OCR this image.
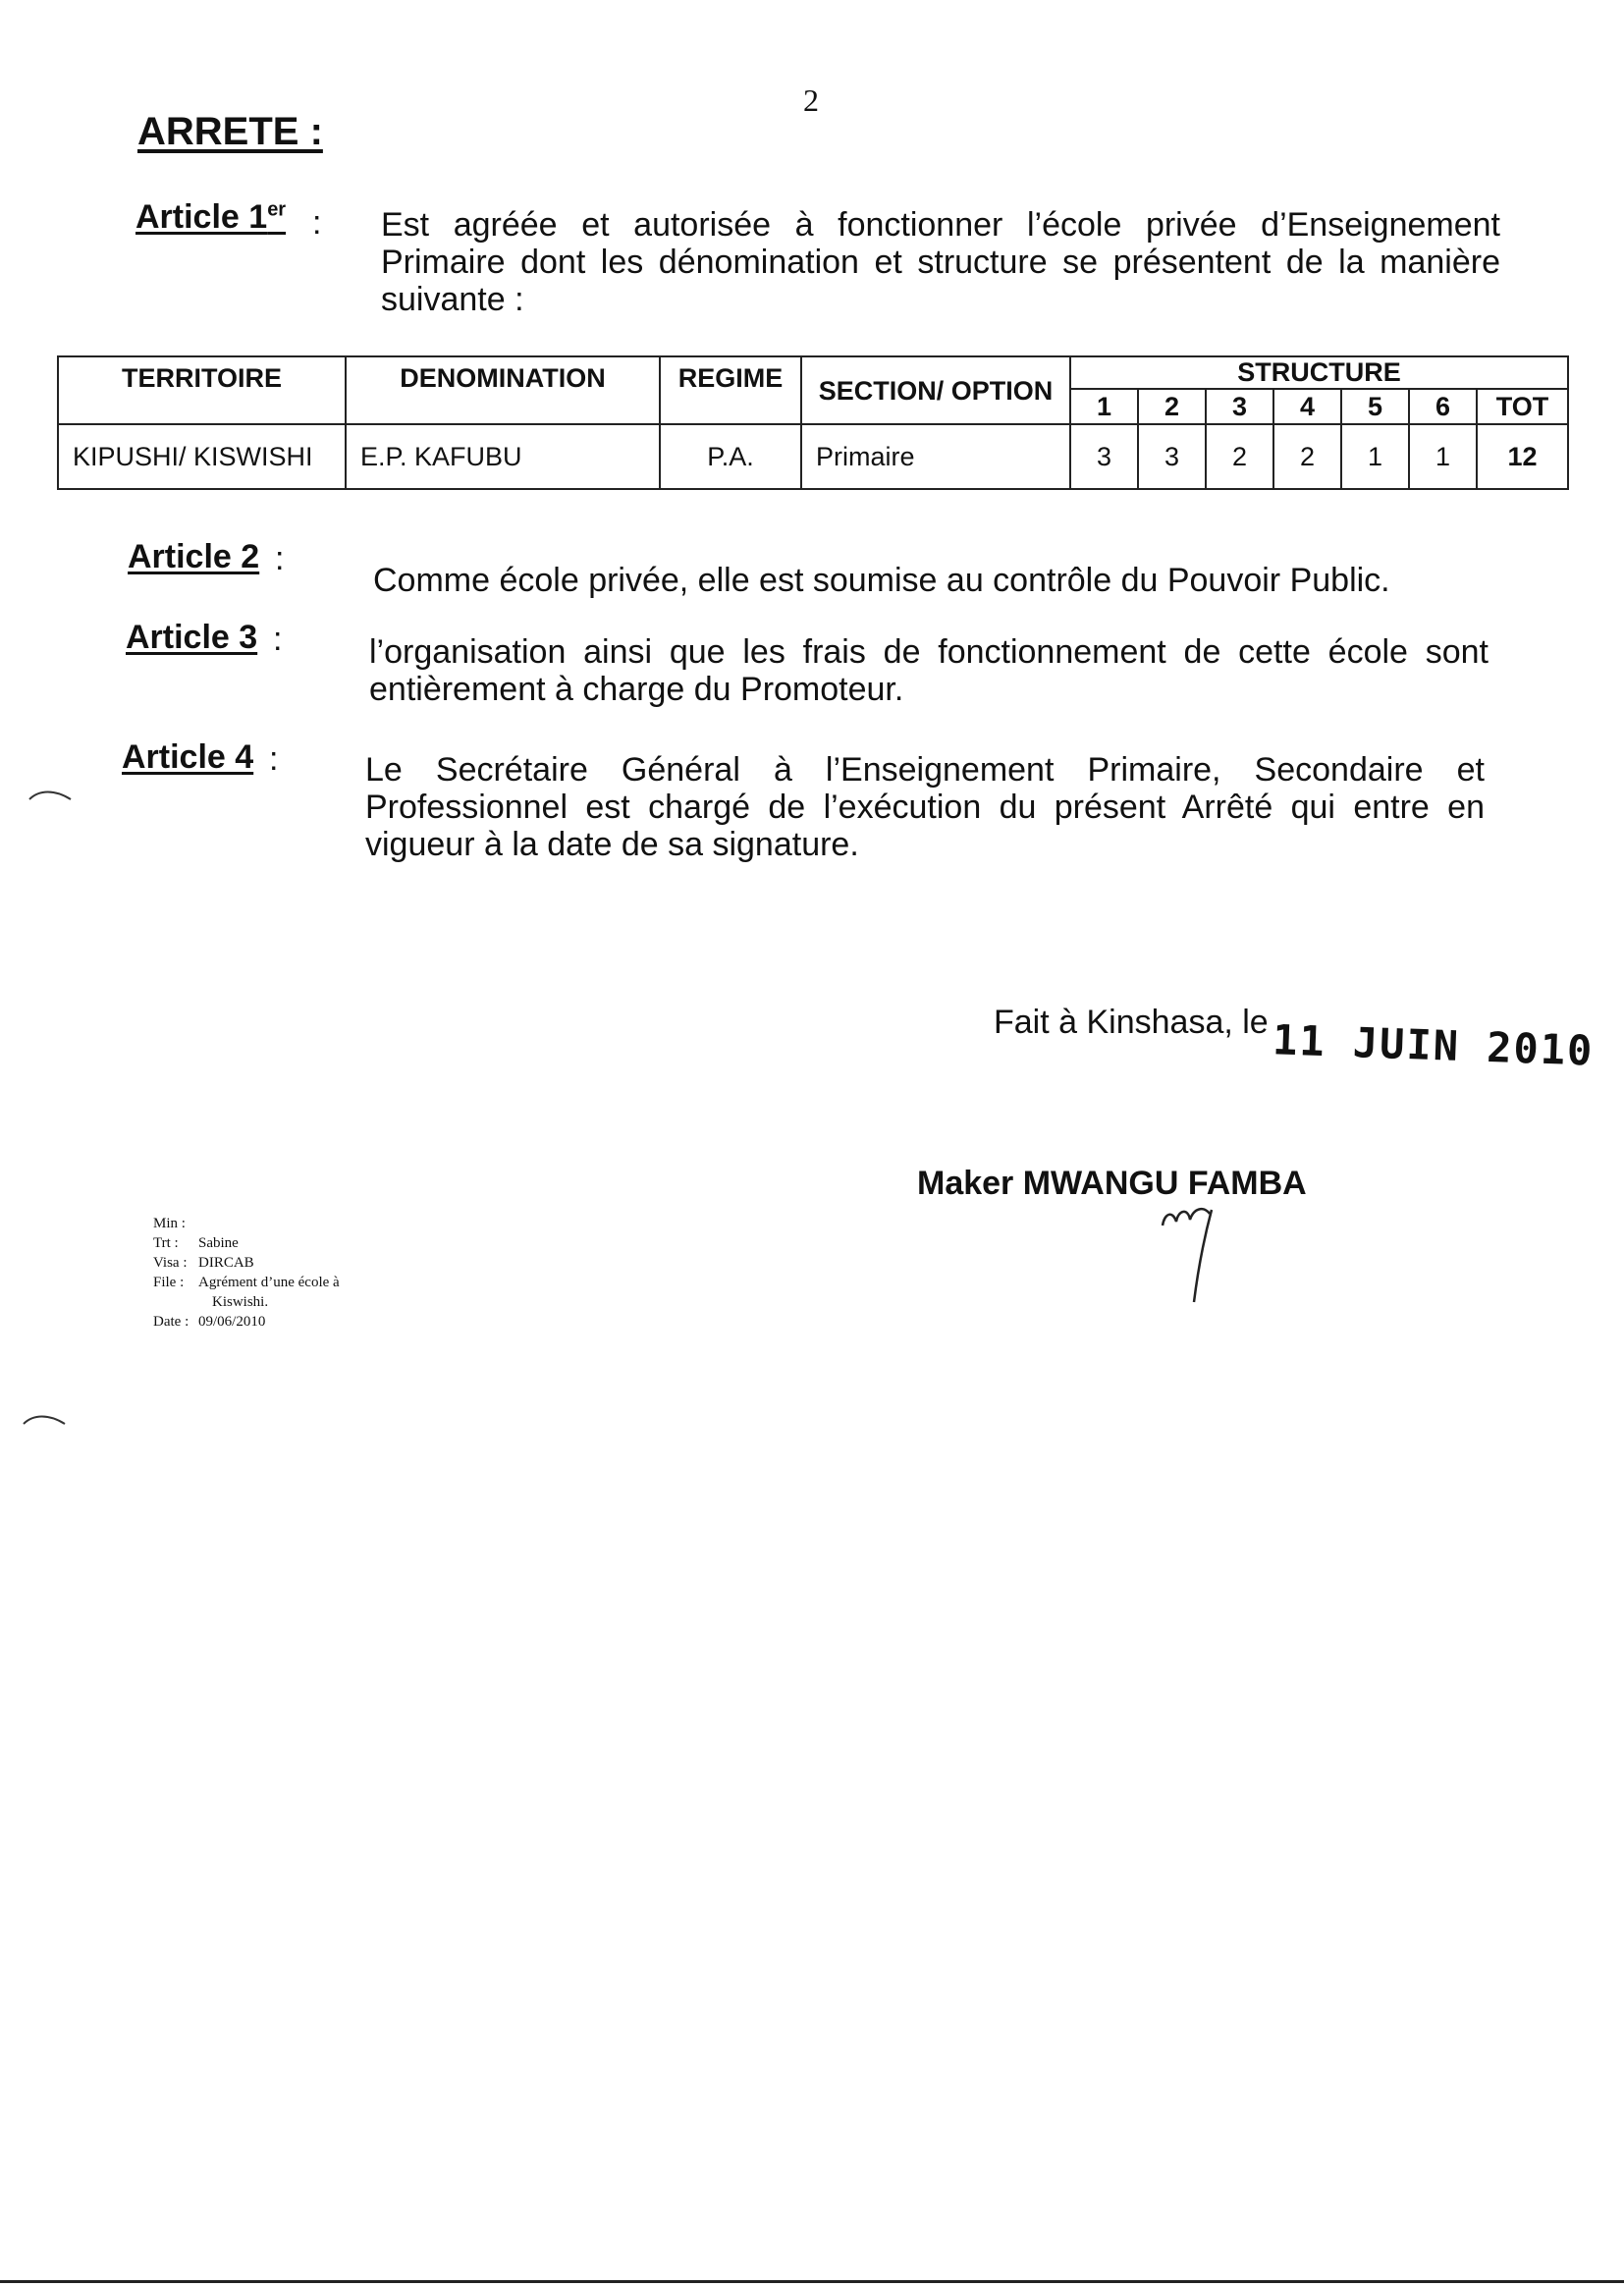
2
ARRETE :
Article 1er : Est agréée et autorisée à fonctionner l’école privée d’Enseignement Primaire dont les dénomination et structure se présentent de la manière suivante :
TERRITOIRE	DENOMINATION	REGIME	SECTION/ OPTION	STRUCTURE						
				1	2	3	4	5	6	TOT
KIPUSHI/ KISWISHI	E.P. KAFUBU	P.A.	Primaire	3	3	2	2	1	1	12
Article 2 :
Comme école privée, elle est soumise au contrôle du Pouvoir Public.
Article 3 :	l’organisation ainsi que les frais de fonctionnement de cette école sont entièrement à charge du Promoteur.
Article 4 :	Le Secrétaire Général à l’Enseignement Primaire, Secondaire et Professionnel est chargé de l’exécution du présent Arrêté qui entre en vigueur à la date de sa signature.
Fait à Kinshasa, le 11 JUIN 2010
Maker MWANGU FAMBA
Min :
Trt : Sabine
Visa : DIRCAB
File : Agrément d’une école à
Kiswishi.
Date : 09/06/2010
